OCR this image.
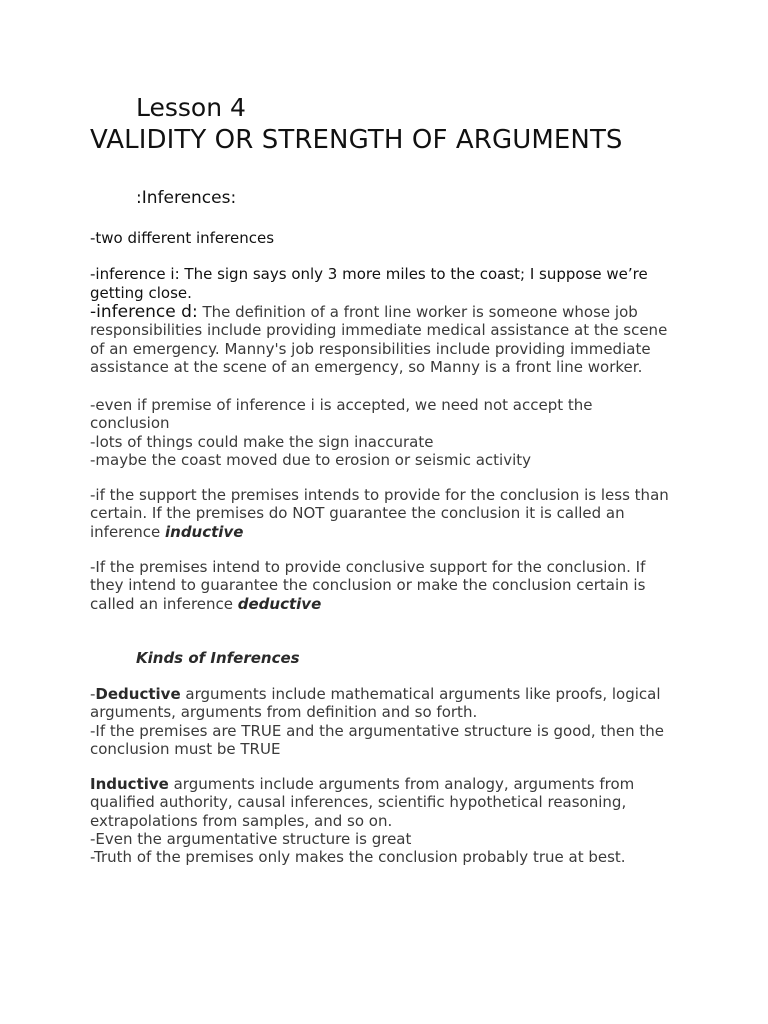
Lesson 4
VALIDITY OR STRENGTH OF ARGUMENTS
:Inferences:
-two different inferences
-inference i: The sign says only 3 more miles to the coast; I suppose we’re
getting close.
-inference d: The definition of a front line worker is someone whose job
responsibilities include providing immediate medical assistance at the scene
of an emergency. Manny's job responsibilities include providing immediate
assistance at the scene of an emergency, so Manny is a front line worker.
-even if premise of inference i is accepted, we need not accept the
conclusion
-lots of things could make the sign inaccurate
-maybe the coast moved due to erosion or seismic activity
-if the support the premises intends to provide for the conclusion is less than
certain. If the premises do NOT guarantee the conclusion it is called an
inference inductive
-If the premises intend to provide conclusive support for the conclusion. If
they intend to guarantee the conclusion or make the conclusion certain is
called an inference deductive
Kinds of Inferences
-Deductive arguments include mathematical arguments like proofs, logical
arguments, arguments from definition and so forth.
-If the premises are TRUE and the argumentative structure is good, then the
conclusion must be TRUE
Inductive arguments include arguments from analogy, arguments from
qualified authority, causal inferences, scientific hypothetical reasoning,
extrapolations from samples, and so on.
-Even the argumentative structure is great
-Truth of the premises only makes the conclusion probably true at best.
